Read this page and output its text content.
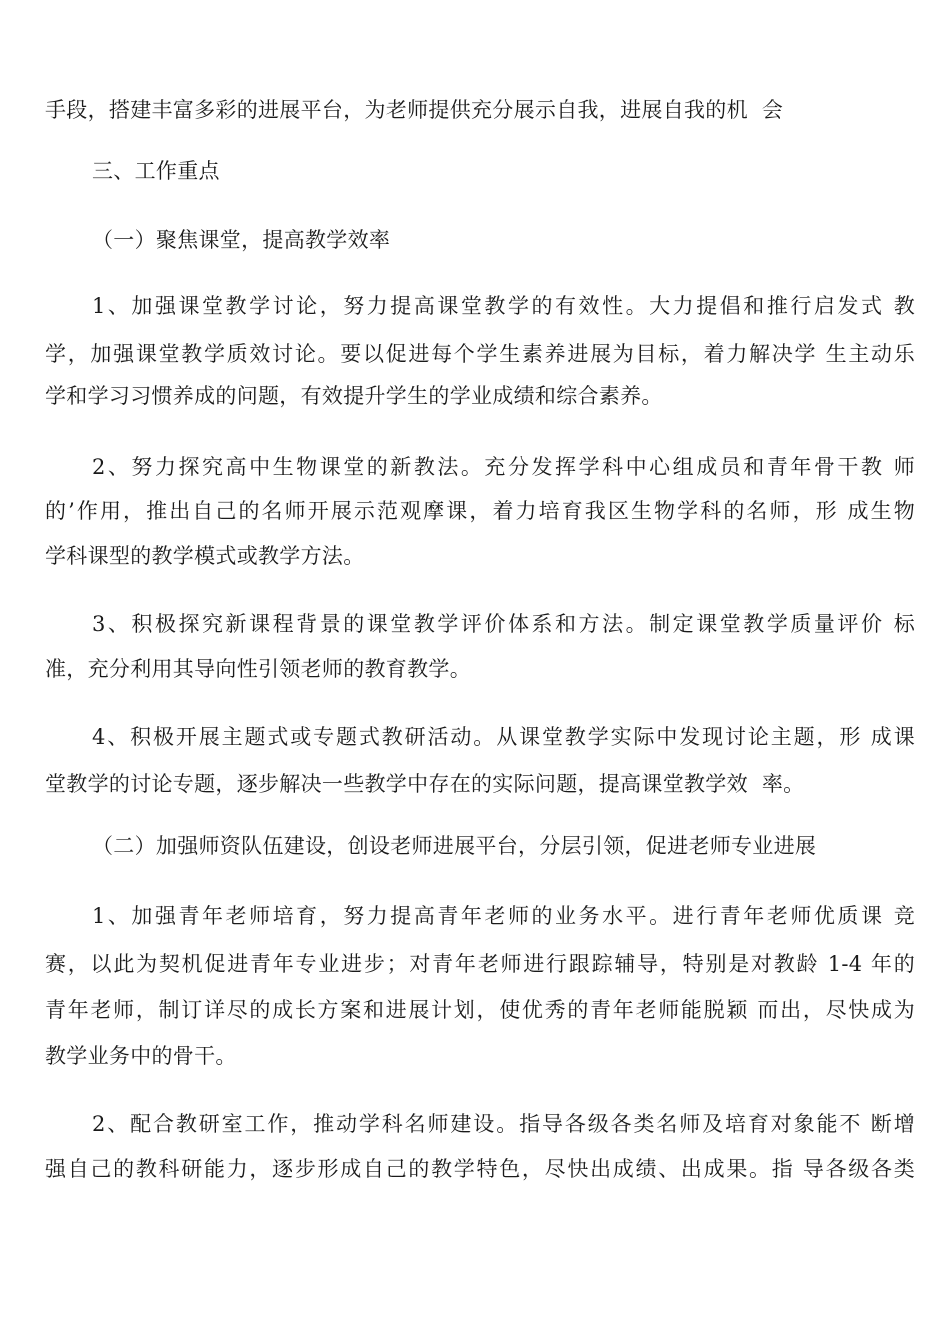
手段，搭建丰富多彩的进展平台，为老师提供充分展示自我，进展自我的机  会
三、工作重点
（一）聚焦课堂，提高教学效率
1、加强课堂教学讨论，努力提高课堂教学的有效性。大力提倡和推行启发式 教
学，加强课堂教学质效讨论。要以促进每个学生素养进展为目标，着力解决学 生主动乐
学和学习习惯养成的问题，有效提升学生的学业成绩和综合素养。
2、努力探究高中生物课堂的新教法。充分发挥学科中心组成员和青年骨干教 师
的’作用，推出自己的名师开展示范观摩课，着力培育我区生物学科的名师，形 成生物
学科课型的教学模式或教学方法。
3、积极探究新课程背景的课堂教学评价体系和方法。制定课堂教学质量评价 标
准，充分利用其导向性引领老师的教育教学。
4、积极开展主题式或专题式教研活动。从课堂教学实际中发现讨论主题，形 成课
堂教学的讨论专题，逐步解决一些教学中存在的实际问题，提高课堂教学效  率。
（二）加强师资队伍建设，创设老师进展平台，分层引领，促进老师专业进展
1、加强青年老师培育，努力提高青年老师的业务水平。进行青年老师优质课 竞
赛，以此为契机促进青年专业进步；对青年老师进行跟踪辅导，特别是对教龄 1-4 年的
青年老师，制订详尽的成长方案和进展计划，使优秀的青年老师能脱颖 而出，尽快成为
教学业务中的骨干。
2、配合教研室工作，推动学科名师建设。指导各级各类名师及培育对象能不 断增
强自己的教科研能力，逐步形成自己的教学特色，尽快出成绩、出成果。指 导各级各类
